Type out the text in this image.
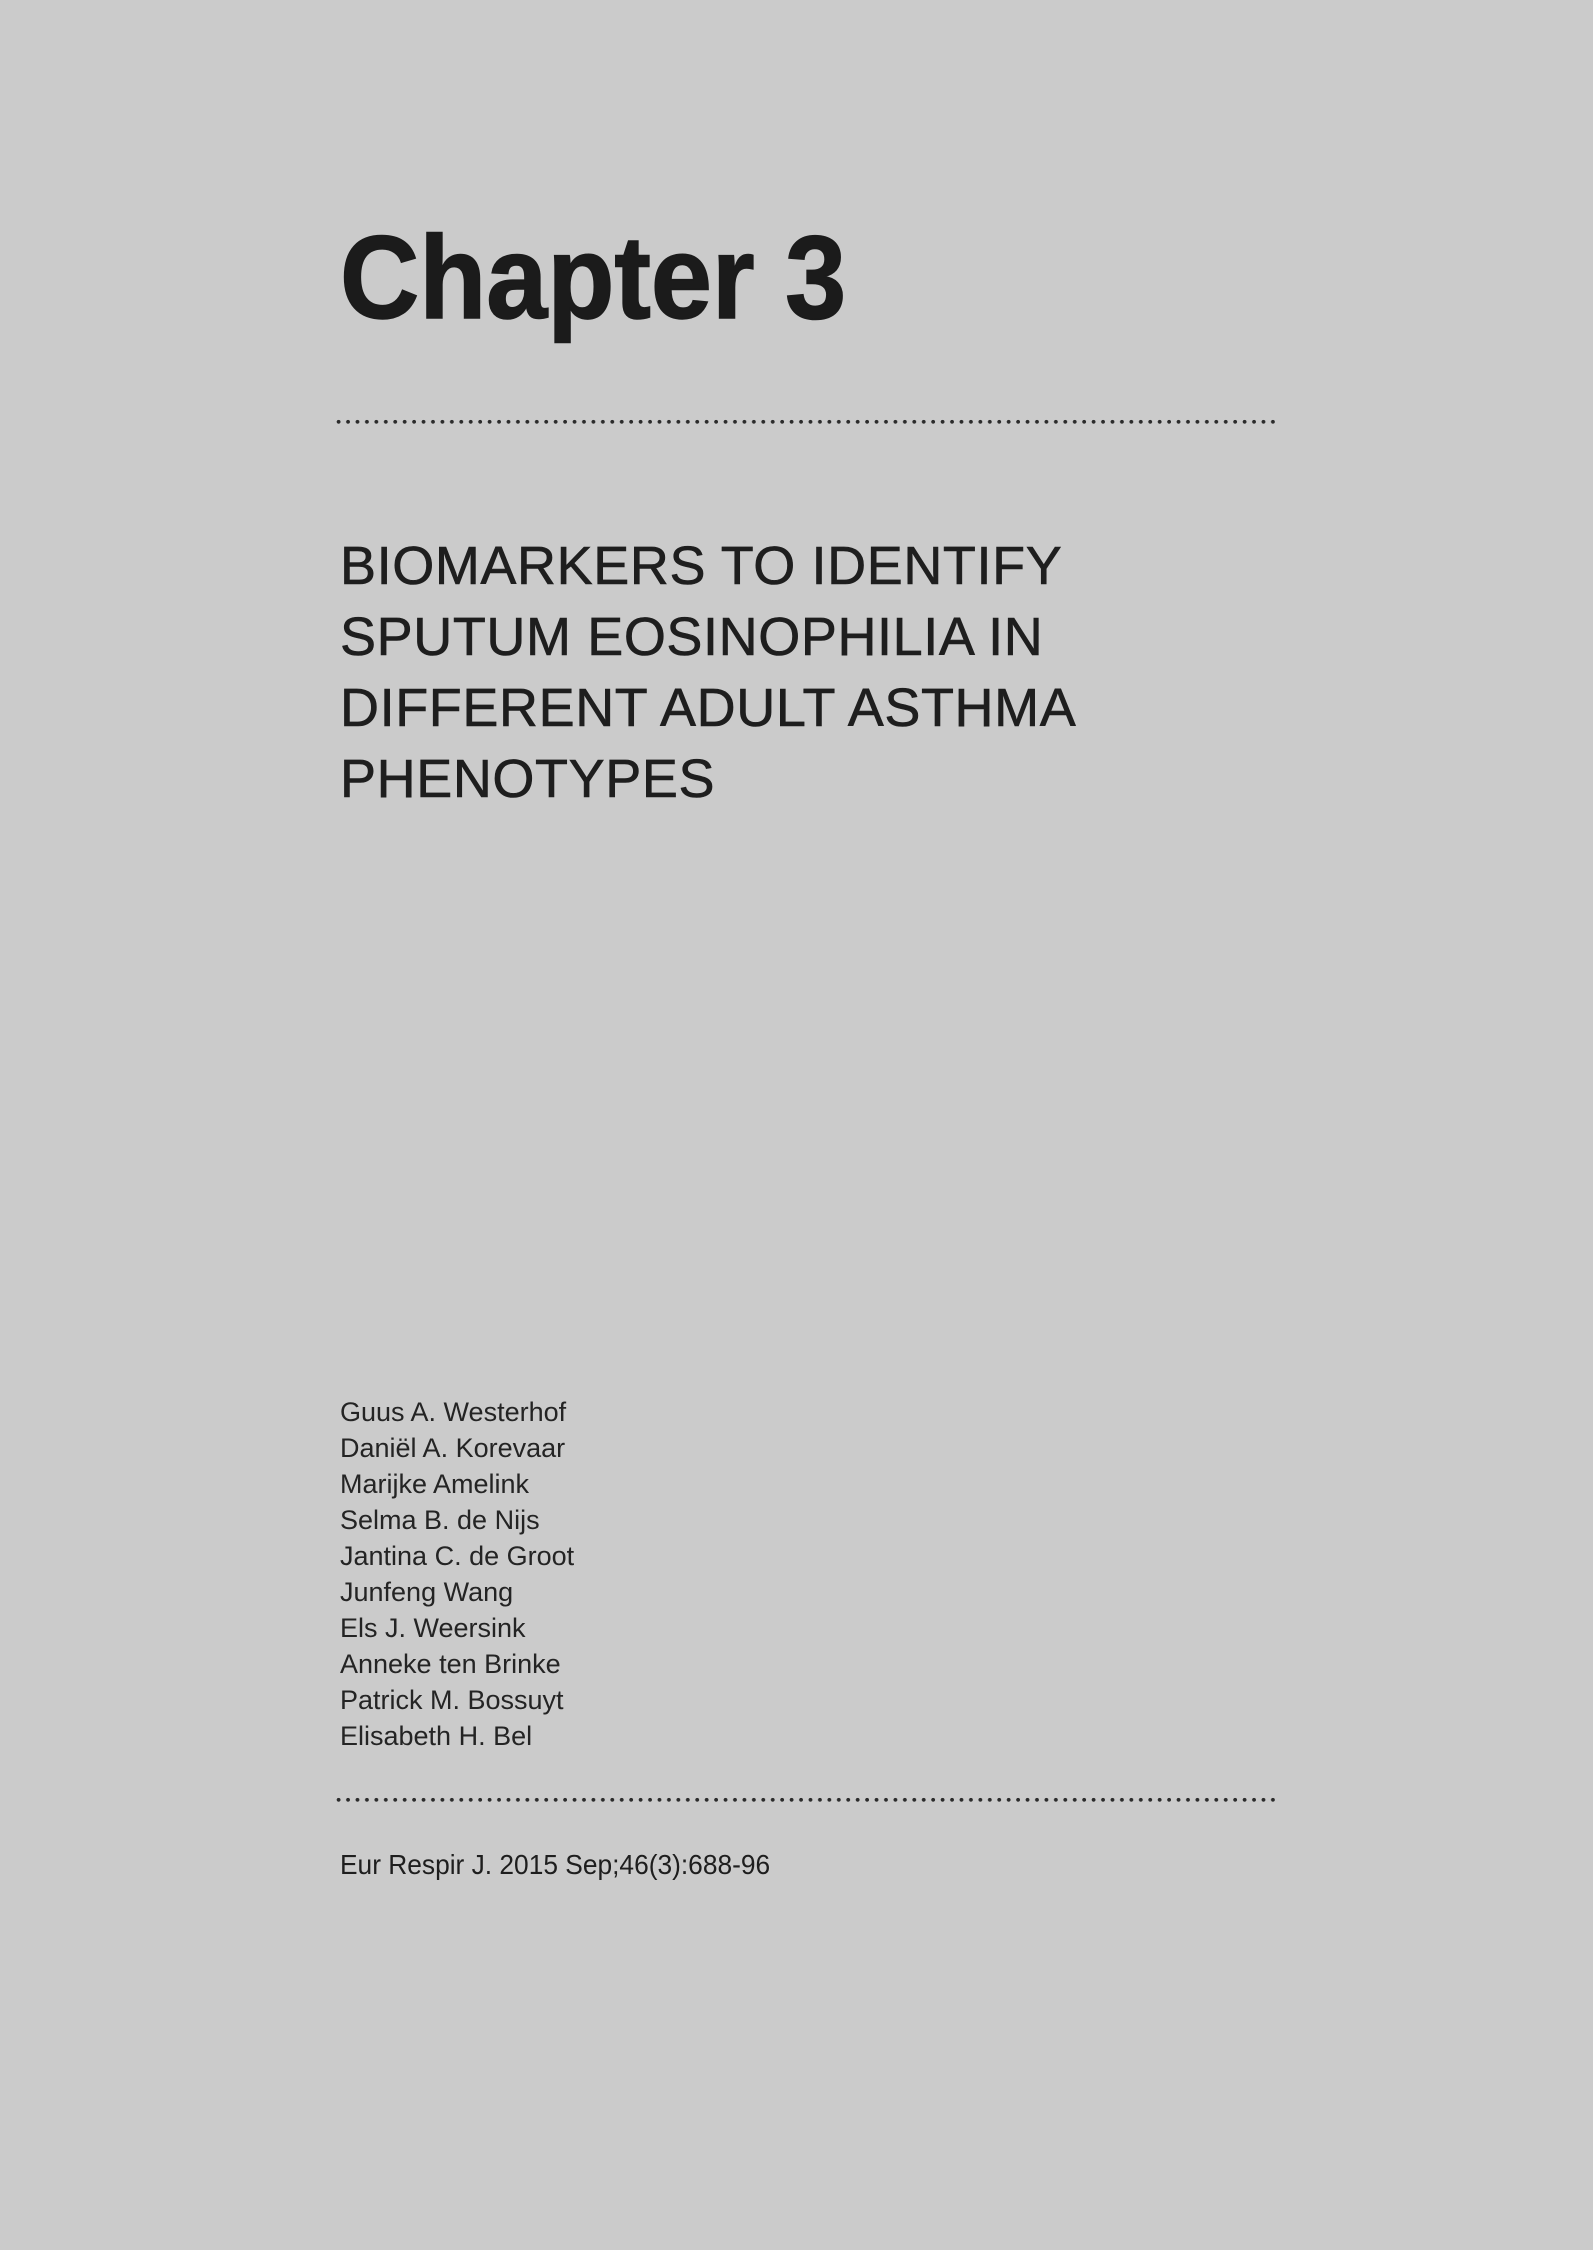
Chapter 3
BIOMARKERS TO IDENTIFY
SPUTUM EOSINOPHILIA IN
DIFFERENT ADULT ASTHMA
PHENOTYPES
Guus A. Westerhof
Daniël A. Korevaar
Marijke Amelink
Selma B. de Nijs
Jantina C. de Groot
Junfeng Wang
Els J. Weersink
Anneke ten Brinke
Patrick M. Bossuyt
Elisabeth H. Bel
Eur Respir J. 2015 Sep;46(3):688-96
